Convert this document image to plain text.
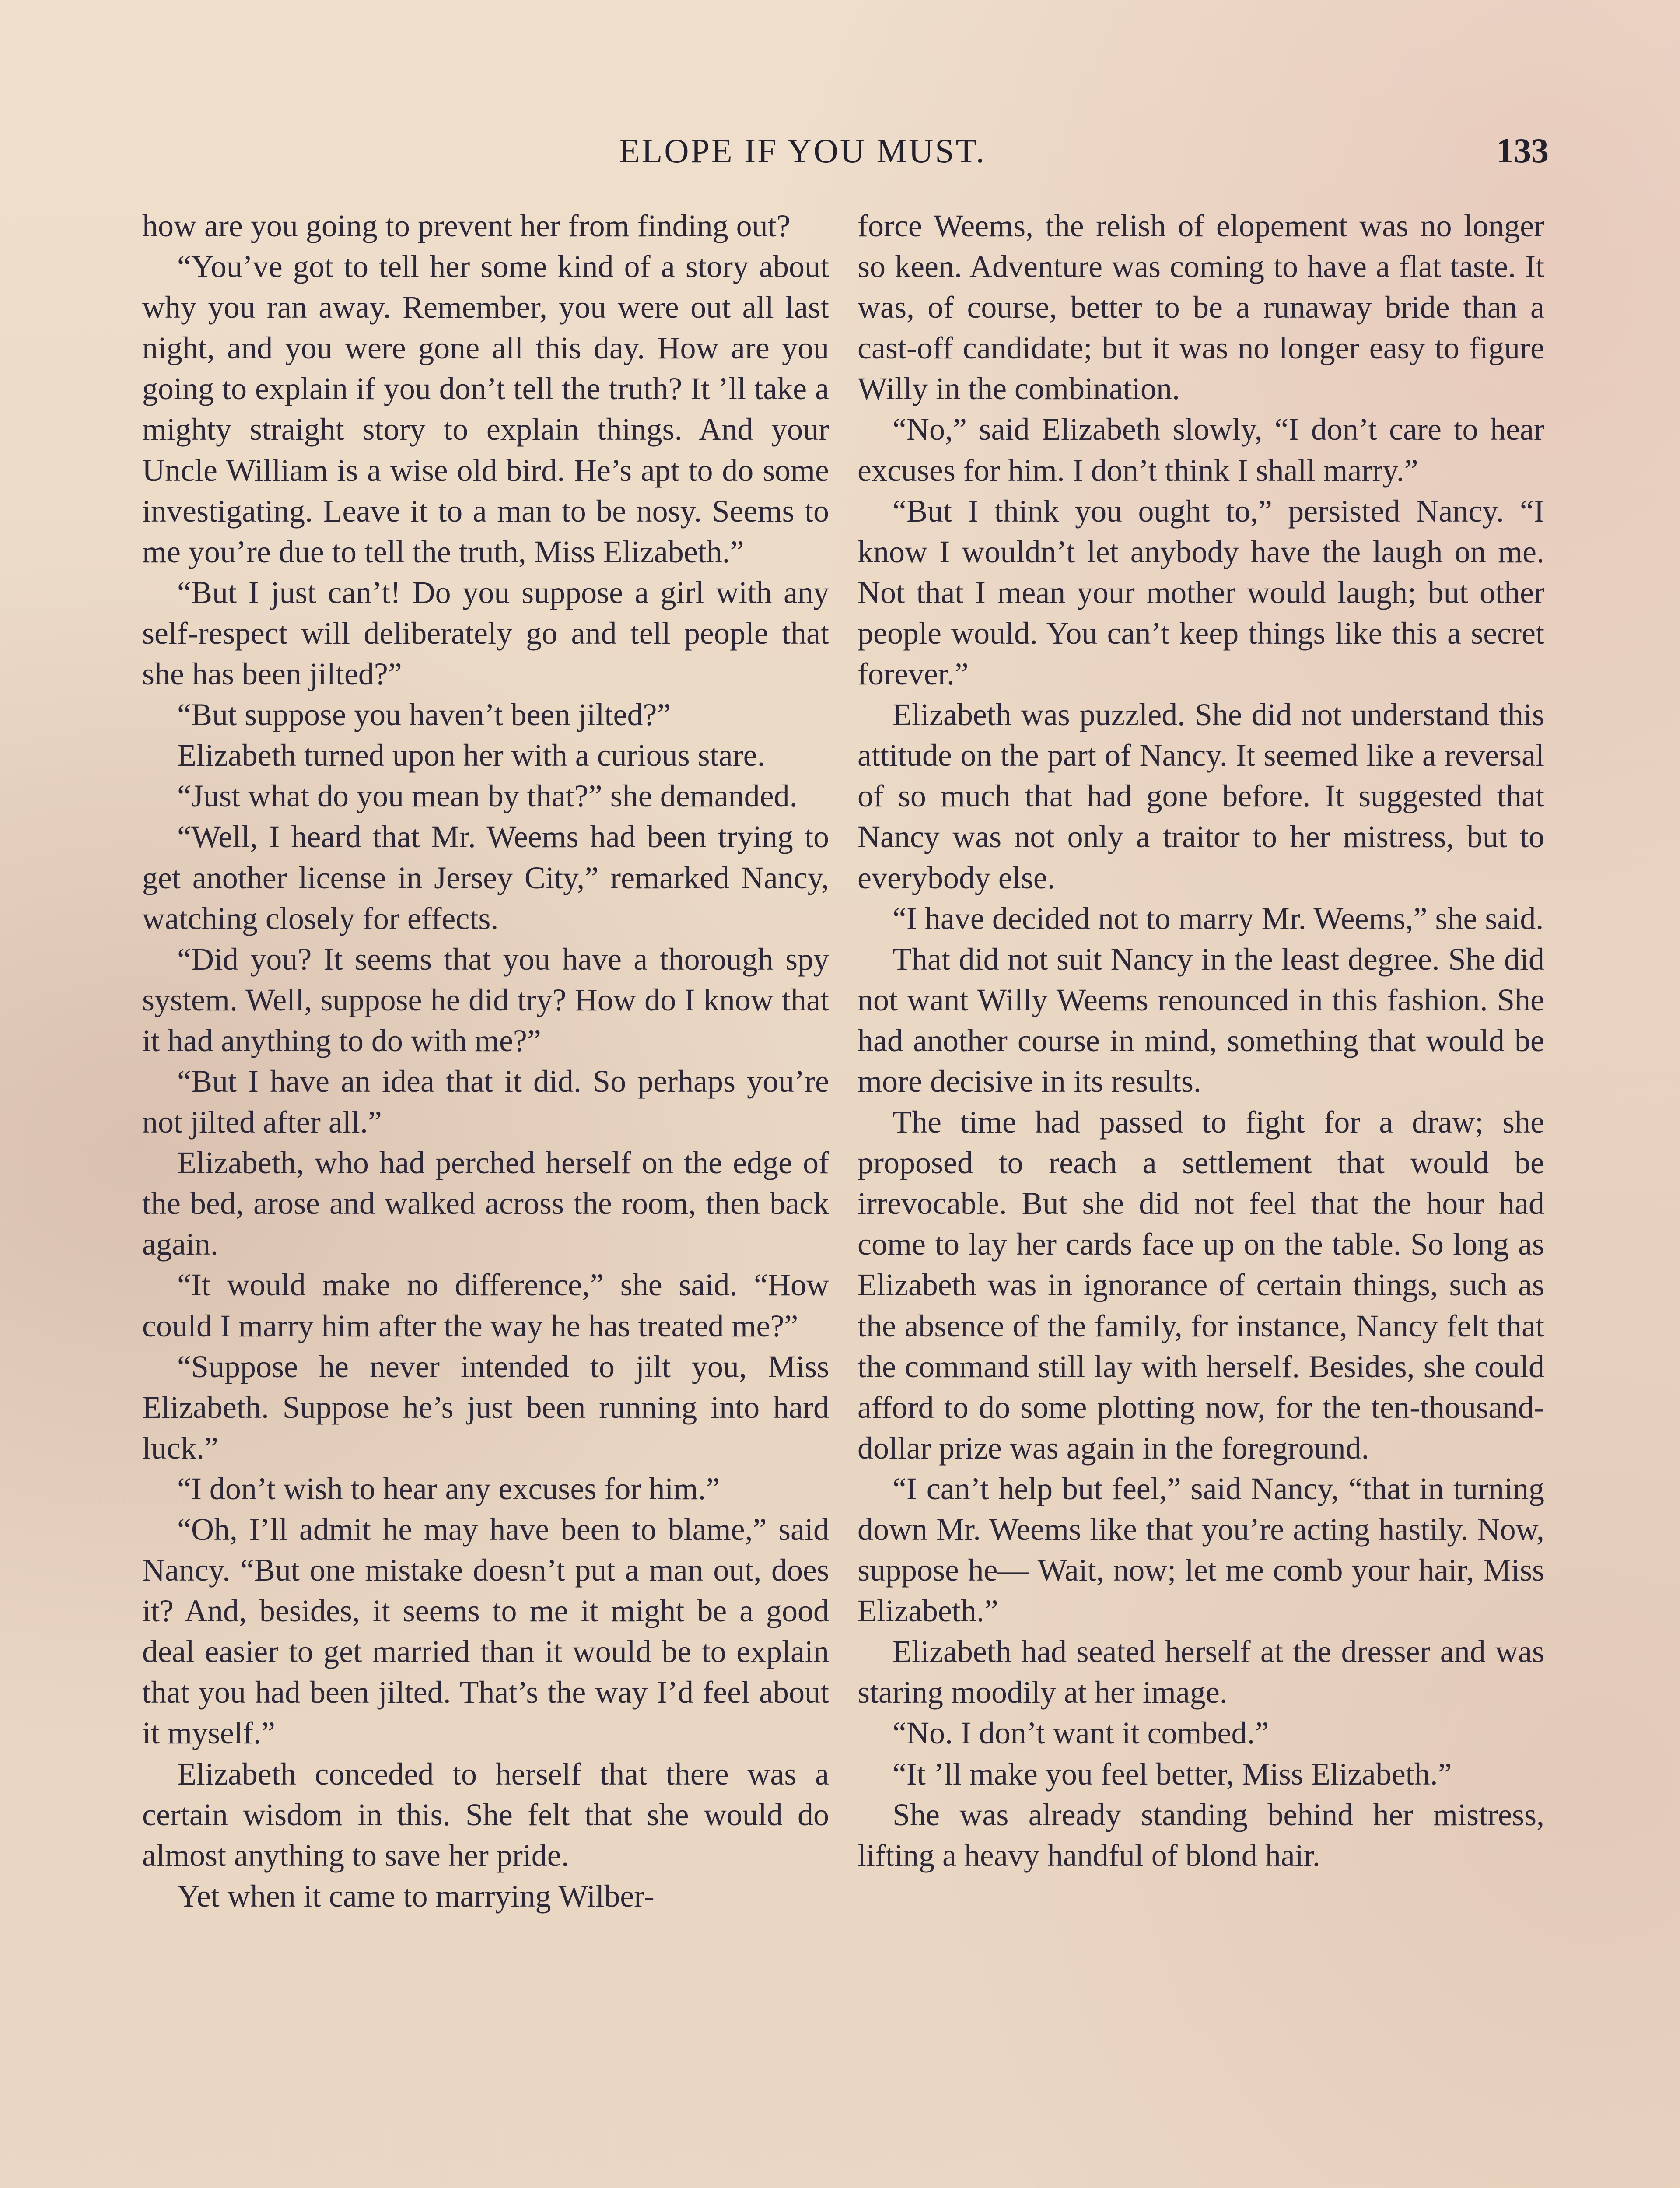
ELOPE IF YOU MUST.	133

how are you going to prevent her from finding out?

“You’ve got to tell her some kind of a story about why you ran away. Remember, you were out all last night, and you were gone all this day. How are you going to explain if you don’t tell the truth? It ’ll take a mighty straight story to explain things. And your Uncle William is a wise old bird. He’s apt to do some investigating. Leave it to a man to be nosy. Seems to me you’re due to tell the truth, Miss Elizabeth.”

“But I just can’t! Do you suppose a girl with any self-respect will deliberately go and tell people that she has been jilted?”

“But suppose you haven’t been jilted?”

Elizabeth turned upon her with a curious stare.

“Just what do you mean by that?” she demanded.

“Well, I heard that Mr. Weems had been trying to get another license in Jersey City,” remarked Nancy, watching closely for effects.

“Did you? It seems that you have a thorough spy system. Well, suppose he did try? How do I know that it had anything to do with me?”

“But I have an idea that it did. So perhaps you’re not jilted after all.”

Elizabeth, who had perched herself on the edge of the bed, arose and walked across the room, then back again.

“It would make no difference,” she said. “How could I marry him after the way he has treated me?”

“Suppose he never intended to jilt you, Miss Elizabeth. Suppose he’s just been running into hard luck.”

“I don’t wish to hear any excuses for him.”

“Oh, I’ll admit he may have been to blame,” said Nancy. “But one mistake doesn’t put a man out, does it? And, besides, it seems to me it might be a good deal easier to get married than it would be to explain that you had been jilted. That’s the way I’d feel about it myself.”

Elizabeth conceded to herself that there was a certain wisdom in this. She felt that she would do almost anything to save her pride.

Yet when it came to marrying Wilber-

force Weems, the relish of elopement was no longer so keen. Adventure was coming to have a flat taste. It was, of course, better to be a runaway bride than a cast-off candidate; but it was no longer easy to figure Willy in the combination.

“No,” said Elizabeth slowly, “I don’t care to hear excuses for him. I don’t think I shall marry.”

“But I think you ought to,” persisted Nancy. “I know I wouldn’t let anybody have the laugh on me. Not that I mean your mother would laugh; but other people would. You can’t keep things like this a secret forever.”

Elizabeth was puzzled. She did not understand this attitude on the part of Nancy. It seemed like a reversal of so much that had gone before. It suggested that Nancy was not only a traitor to her mistress, but to everybody else.

“I have decided not to marry Mr. Weems,” she said.

That did not suit Nancy in the least degree. She did not want Willy Weems renounced in this fashion. She had another course in mind, something that would be more decisive in its results.

The time had passed to fight for a draw; she proposed to reach a settlement that would be irrevocable. But she did not feel that the hour had come to lay her cards face up on the table. So long as Elizabeth was in ignorance of certain things, such as the absence of the family, for instance, Nancy felt that the command still lay with herself. Besides, she could afford to do some plotting now, for the ten-thousand-dollar prize was again in the foreground.

“I can’t help but feel,” said Nancy, “that in turning down Mr. Weems like that you’re acting hastily. Now, suppose he— Wait, now; let me comb your hair, Miss Elizabeth.”

Elizabeth had seated herself at the dresser and was staring moodily at her image.

“No. I don’t want it combed.”

“It ’ll make you feel better, Miss Elizabeth.”

She was already standing behind her mistress, lifting a heavy handful of blond hair.
